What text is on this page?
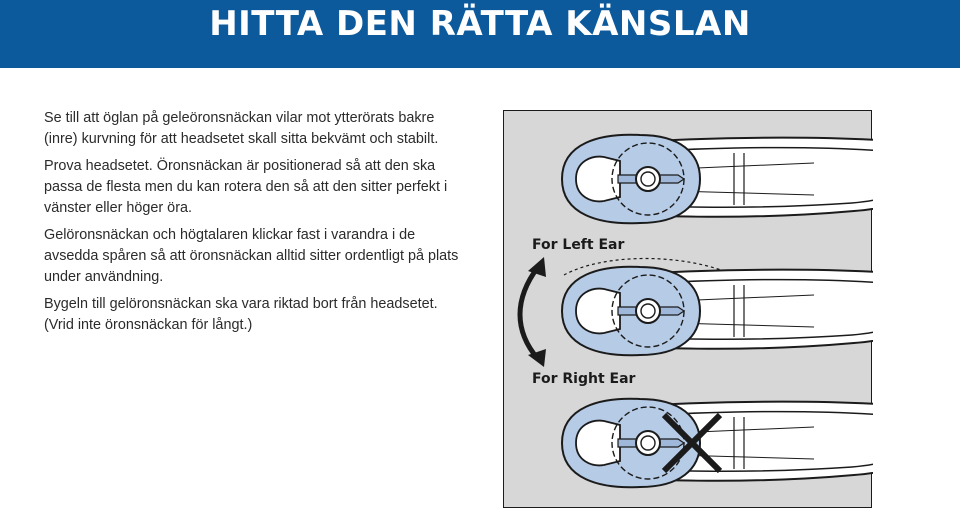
HITTA DEN RÄTTA KÄNSLAN

Se till att öglan på geleöronsnäckan vilar mot ytterörats bakre (inre) kurvning för att headsetet skall sitta bekvämt och stabilt.

Prova headsetet. Öronsnäckan är positionerad så att den ska passa de flesta men du kan rotera den så att den sitter perfekt i vänster eller höger öra.

Gelöronsnäckan och högtalaren klickar fast i varandra i de avsedda spåren så att öronsnäckan alltid sitter ordentligt på plats under användning.

Bygeln till gelöronsnäckan ska vara riktad bort från headsetet. (Vrid inte öronsnäckan för långt.)

For Left Ear
For Right Ear
